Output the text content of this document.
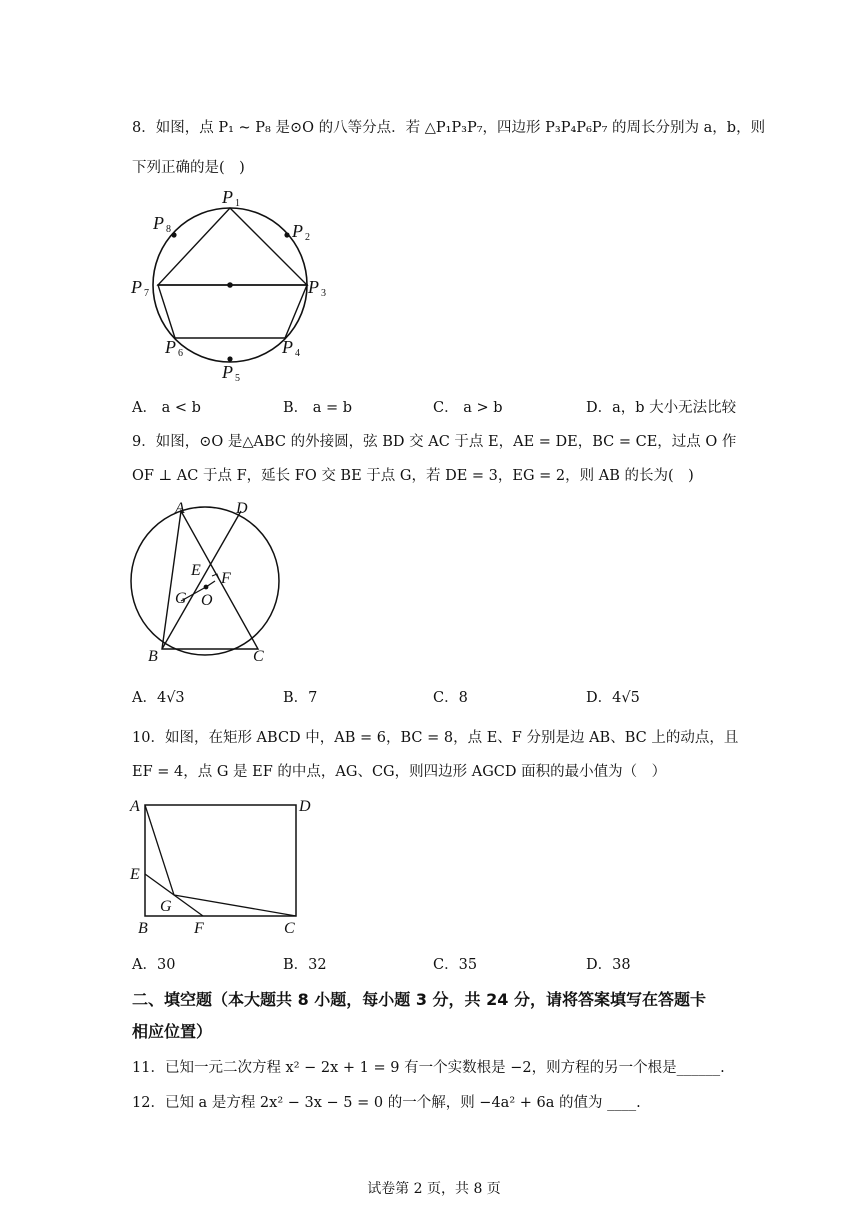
8．如图，点 P₁ ~ P₈ 是⊙O 的八等分点．若 △P₁P₃P₇，四边形 P₃P₄P₆P₇ 的周长分别为 a，b，则
下列正确的是(　)
P 1
P 2
P 3
P 4
P 5
P 6
P 7
P 8
A． a < b	B． a = b	C． a > b	D．a，b 大小无法比较
9．如图，⊙O 是△ABC 的外接圆，弦 BD 交 AC 于点 E，AE = DE，BC = CE，过点 O 作
OF ⊥ AC 于点 F，延长 FO 交 BE 于点 G，若 DE = 3，EG = 2，则 AB 的长为(　)
A	D
B	C
E F
G O
A．4√3	B．7	C．8	D．4√5
10．如图，在矩形 ABCD 中，AB = 6，BC = 8，点 E、F 分别是边 AB、BC 上的动点，且
EF = 4，点 G 是 EF 的中点，AG、CG，则四边形 AGCD 面积的最小值为（　）
A	D
E
G
B	F	C
A．30	B．32	C．35	D．38
二、填空题（本大题共 8 小题，每小题 3 分，共 24 分，请将答案填写在答题卡
相应位置）
11．已知一元二次方程 x² − 2x + 1 = 9 有一个实数根是 −2，则方程的另一个根是______.
12．已知 a 是方程 2x² − 3x − 5 = 0 的一个解，则 −4a² + 6a 的值为 ____.
试卷第 2 页，共 8 页
